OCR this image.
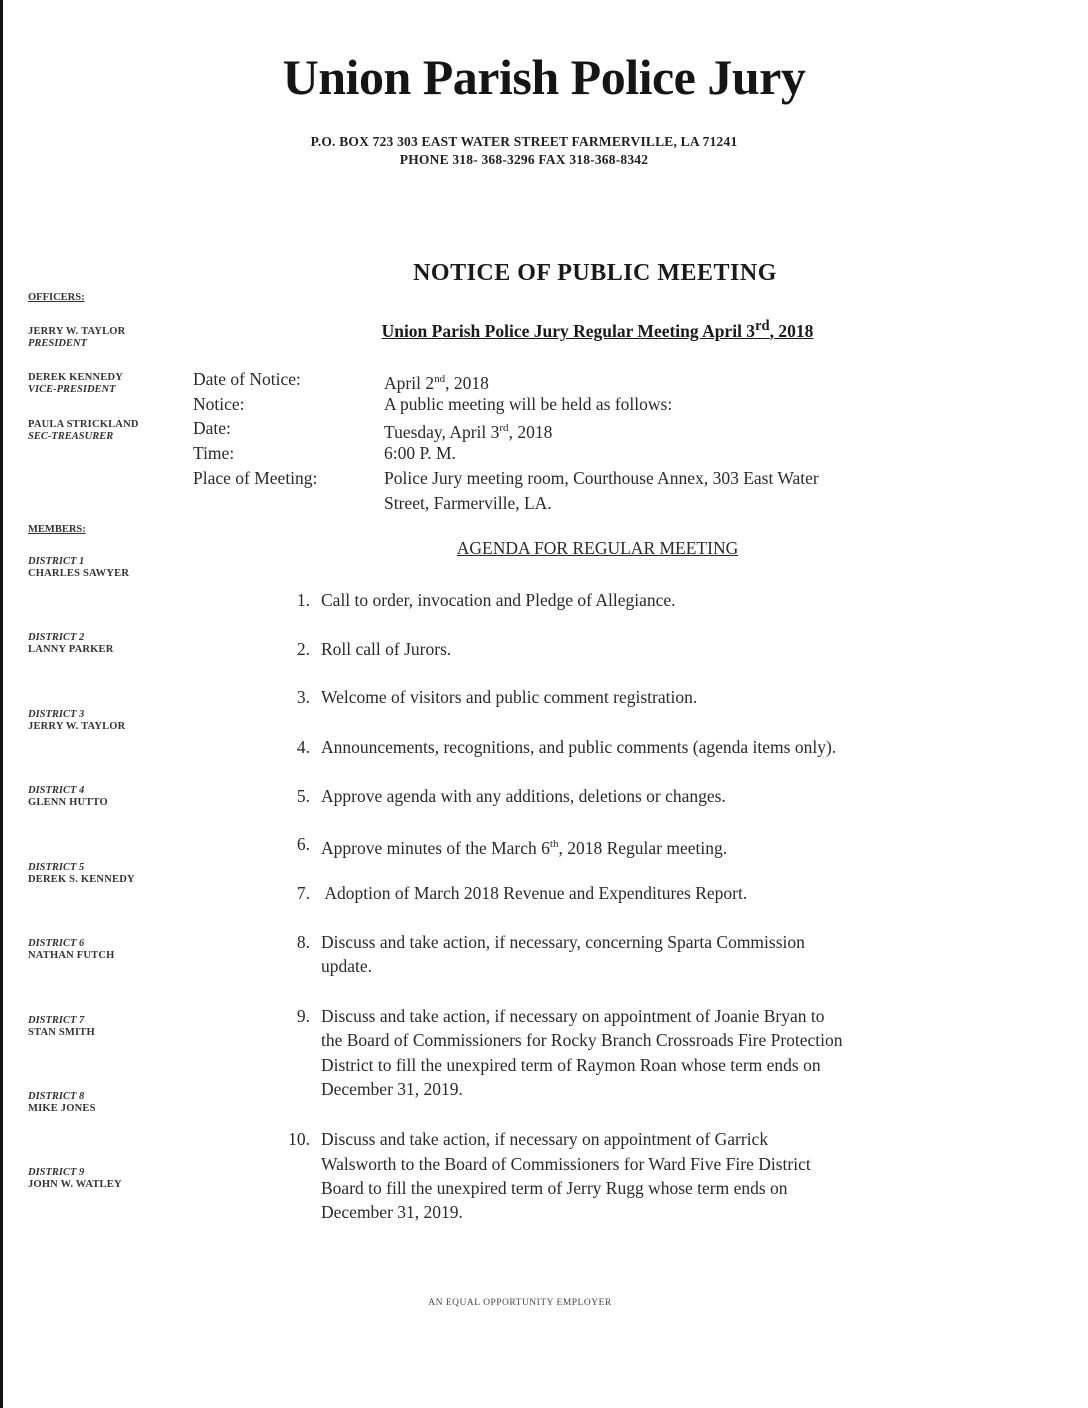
Union Parish Police Jury
P.O. BOX 723 303 EAST WATER STREET FARMERVILLE, LA 71241
PHONE 318- 368-3296 FAX 318-368-8342
NOTICE OF PUBLIC MEETING
Union Parish Police Jury Regular Meeting April 3rd, 2018
OFFICERS:
JERRY W. TAYLOR
PRESIDENT
DEREK KENNEDY
VICE-PRESIDENT
PAULA STRICKLAND
SEC-TREASURER
MEMBERS:
DISTRICT 1
CHARLES SAWYER
DISTRICT 2
LANNY PARKER
DISTRICT 3
JERRY W. TAYLOR
DISTRICT 4
GLENN HUTTO
DISTRICT 5
DEREK S. KENNEDY
DISTRICT 6
NATHAN FUTCH
DISTRICT 7
STAN SMITH
DISTRICT 8
MIKE JONES
DISTRICT 9
JOHN W. WATLEY
Date of Notice:	April 2nd, 2018
Notice:	A public meeting will be held as follows:
Date:	Tuesday, April 3rd, 2018
Time:	6:00 P. M.
Place of Meeting:	Police Jury meeting room, Courthouse Annex, 303 East Water
Street, Farmerville, LA.
AGENDA FOR REGULAR MEETING
1. Call to order, invocation and Pledge of Allegiance.
2. Roll call of Jurors.
3. Welcome of visitors and public comment registration.
4. Announcements, recognitions, and public comments (agenda items only).
5. Approve agenda with any additions, deletions or changes.
6. Approve minutes of the March 6th, 2018 Regular meeting.
7. Adoption of March 2018 Revenue and Expenditures Report.
8. Discuss and take action, if necessary, concerning Sparta Commission
update.
9. Discuss and take action, if necessary on appointment of Joanie Bryan to
the Board of Commissioners for Rocky Branch Crossroads Fire Protection
District to fill the unexpired term of Raymon Roan whose term ends on
December 31, 2019.
10. Discuss and take action, if necessary on appointment of Garrick
Walsworth to the Board of Commissioners for Ward Five Fire District
Board to fill the unexpired term of Jerry Rugg whose term ends on
December 31, 2019.
AN EQUAL OPPORTUNITY EMPLOYER
